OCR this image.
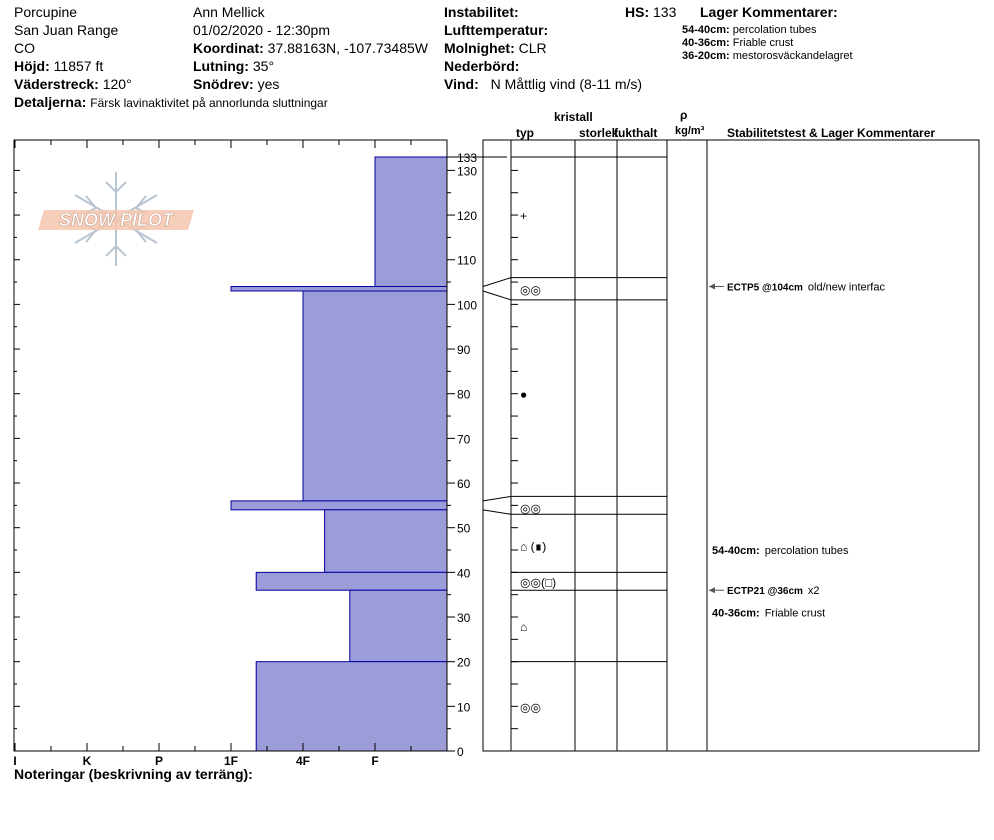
Porcupine
San Juan Range
CO
Höjd: 11857 ft
Väderstreck: 120°
Detaljerna: Färsk lavinaktivitet på annorlunda sluttningar
Ann Mellick
01/02/2020 - 12:30pm
Koordinat: 37.88163N, -107.73485W
Lutning: 35°
Snödrev: yes
Instabilitet:
Lufttemperatur:
Molnighet: CLR
Nederbörd:
Vind: N Måttlig vind (8-11 m/s)
HS: 133 Lager Kommentarer:
54-40cm: percolation tubes
40-36cm: Friable crust
36-20cm: mestorosväckandelagret
kristall
typ	storlek
fukthalt
ρ
kg/m³ Stabilitetstest & Lager Kommentarer
SNOW PILOT
0
10
20
30
40
50
60
70
80
90
100
110
120
130
133
I	K	P	1F	4F	F
+
◎◎
●
◎◎
⌂ (∎)
◎◎(□)
⌂
◎◎
ECTP5 @104cm old/new interfac
ECTP21 @36cm x2
54-40cm: percolation tubes
40-36cm: Friable crust
Noteringar (beskrivning av terräng):
